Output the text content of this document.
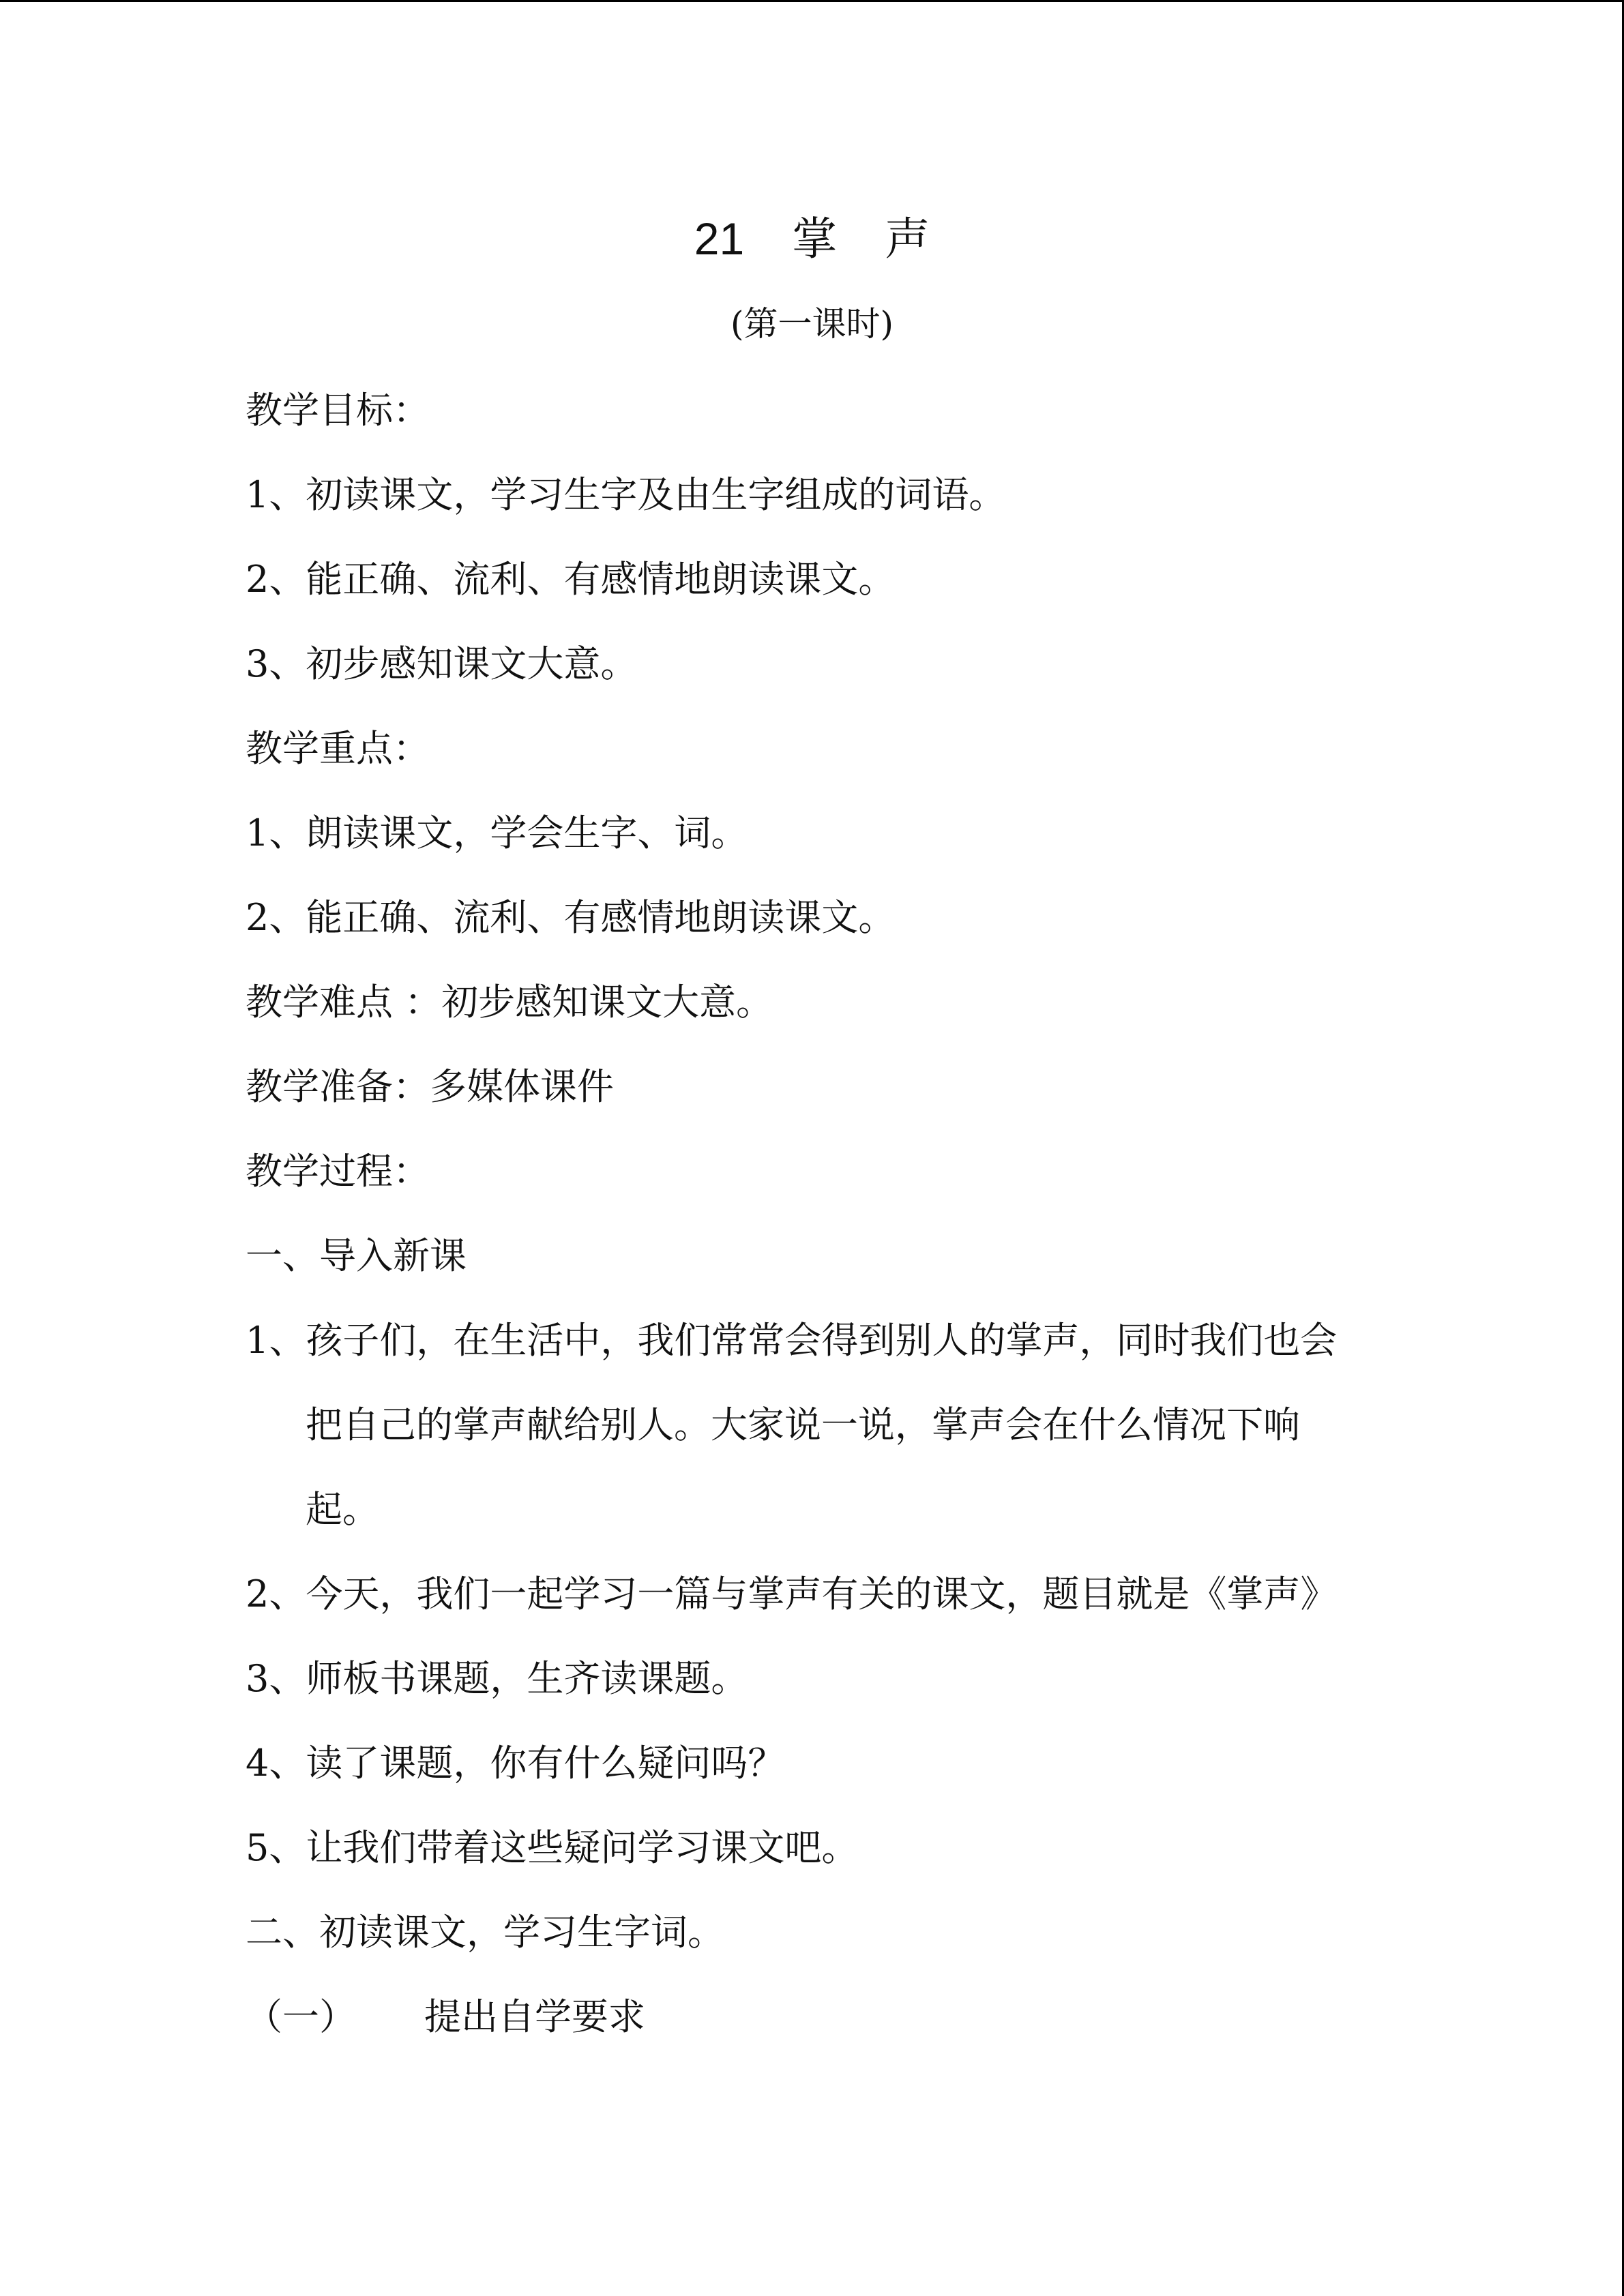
21 掌 声
(第一课时)
教学目标：
1、初读课文，学习生字及由生字组成的词语。
2、能正确、流利、有感情地朗读课文。
3、初步感知课文大意。
教学重点：
1、朗读课文，学会生字、词。
2、能正确、流利、有感情地朗读课文。
教学难点 ：初步感知课文大意。
教学准备：多媒体课件
教学过程：
一、导入新课
1、孩子们，在生活中，我们常常会得到别人的掌声，同时我们也会
把自己的掌声献给别人。大家说一说，掌声会在什么情况下响
起。
2、今天，我们一起学习一篇与掌声有关的课文，题目就是《掌声》
3、师板书课题，生齐读课题。
4、读了课题，你有什么疑问吗？
5、让我们带着这些疑问学习课文吧。
二、初读课文，学习生字词。
（一） 提出自学要求
